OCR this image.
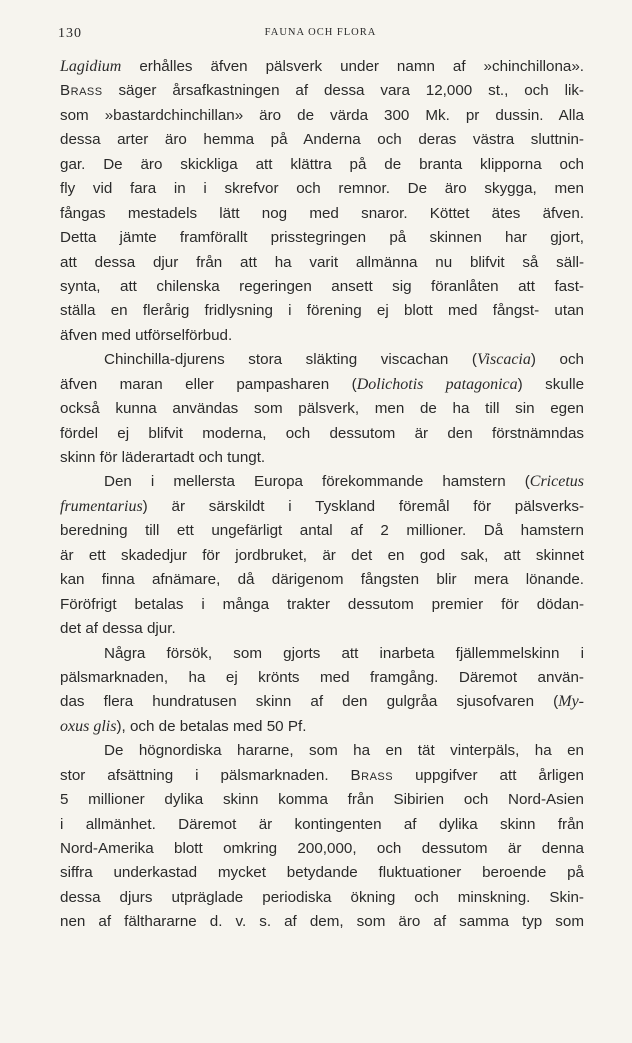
130	FAUNA OCH FLORA
Lagidium erhålles äfven pälsverk under namn af »chinchillona».
Brass säger årsafkastningen af dessa vara 12,000 st., och lik-
som »bastardchinchillan» äro de värda 300 Mk. pr dussin. Alla
dessa arter äro hemma på Anderna och deras västra sluttnin-
gar. De äro skickliga att klättra på de branta klipporna och
fly vid fara in i skrefvor och remnor. De äro skygga, men
fångas mestadels lätt nog med snaror. Köttet ätes äfven.
Detta jämte framförallt prisstegringen på skinnen har gjort,
att dessa djur från att ha varit allmänna nu blifvit så säll-
synta, att chilenska regeringen ansett sig föranlåten att fast-
ställa en flerårig fridlysning i förening ej blott med fångst- utan
äfven med utförselförbud.
Chinchilla-djurens stora släkting viscachan (Viscacia) och
äfven maran eller pampasharen (Dolichotis patagonica) skulle
också kunna användas som pälsverk, men de ha till sin egen
fördel ej blifvit moderna, och dessutom är den förstnämndas
skinn för läderartadt och tungt.
Den i mellersta Europa förekommande hamstern (Cricetus
frumentarius) är särskildt i Tyskland föremål för pälsverks-
beredning till ett ungefärligt antal af 2 millioner. Då hamstern
är ett skadedjur för jordbruket, är det en god sak, att skinnet
kan finna afnämare, då därigenom fångsten blir mera lönande.
Föröfrigt betalas i många trakter dessutom premier för dödan-
det af dessa djur.
Några försök, som gjorts att inarbeta fjällemmelskinn i
pälsmarknaden, ha ej krönts med framgång. Däremot använ-
das flera hundratusen skinn af den gulgråa sjusofvaren (My-
oxus glis), och de betalas med 50 Pf.
De högnordiska hararne, som ha en tät vinterpäls, ha en
stor afsättning i pälsmarknaden. Brass uppgifver att årligen
5 millioner dylika skinn komma från Sibirien och Nord-Asien
i allmänhet. Däremot är kontingenten af dylika skinn från
Nord-Amerika blott omkring 200,000, och dessutom är denna
siffra underkastad mycket betydande fluktuationer beroende på
dessa djurs utpräglade periodiska ökning och minskning. Skin-
nen af fälthararne d. v. s. af dem, som äro af samma typ som
